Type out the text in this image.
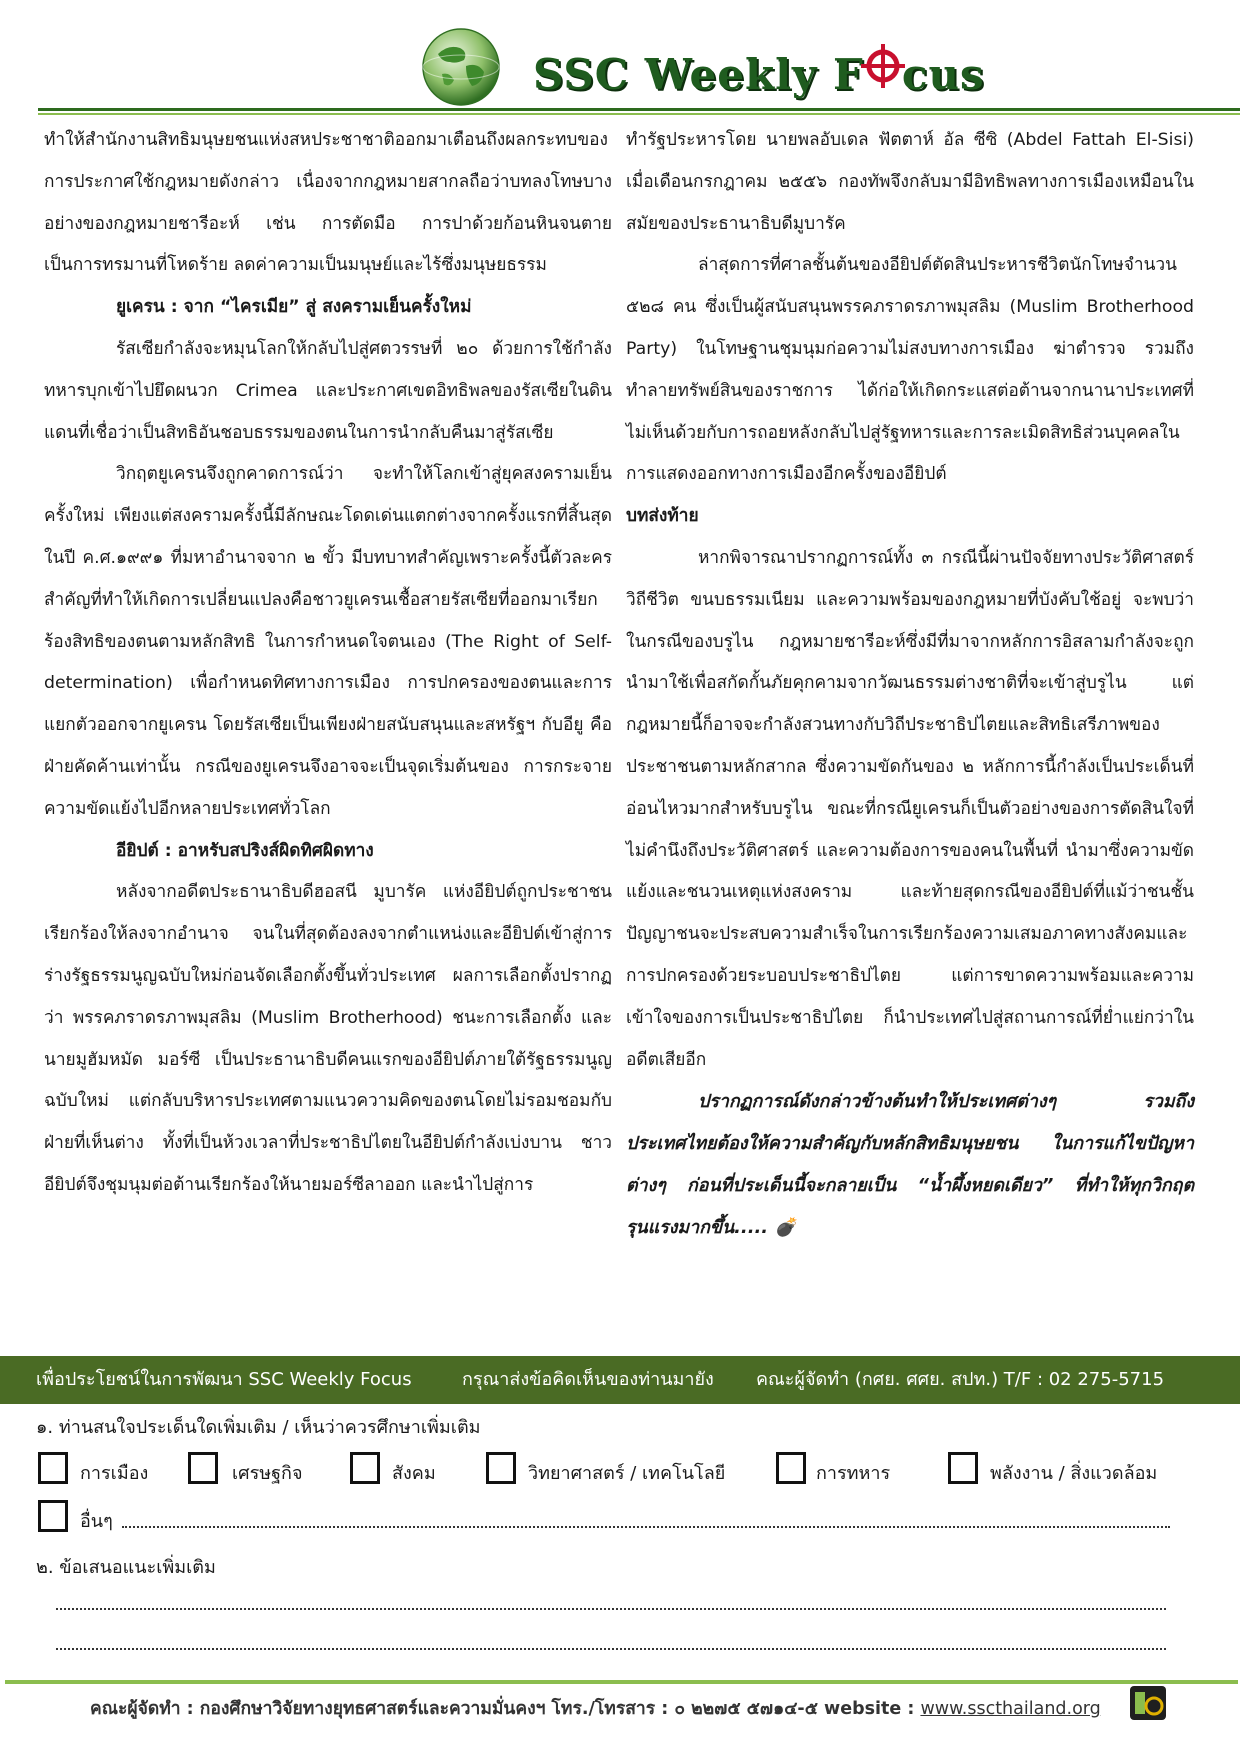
SSC Weekly F cus

ทำให้สำนักงานสิทธิมนุษยชนแห่งสหประชาชาติออกมาเตือนถึงผลกระทบของการประกาศใช้กฎหมายดังกล่าว เนื่องจากกฎหมายสากลถือว่าบทลงโทษบางอย่างของกฎหมายชารีอะห์ เช่น การตัดมือ การปาด้วยก้อนหินจนตาย เป็นการทรมานที่โหดร้าย ลดค่าความเป็นมนุษย์และไร้ซึ่งมนุษยธรรม

ยูเครน : จาก “ไครเมีย” สู่ สงครามเย็นครั้งใหม่

รัสเซียกำลังจะหมุนโลกให้กลับไปสู่ศตวรรษที่ ๒๐ ด้วยการใช้กำลังทหารบุกเข้าไปยึดผนวก Crimea และประกาศเขตอิทธิพลของรัสเซียในดินแดนที่เชื่อว่าเป็นสิทธิอันชอบธรรมของตนในการนำกลับคืนมาสู่รัสเซีย

วิกฤตยูเครนจึงถูกคาดการณ์ว่า จะทำให้โลกเข้าสู่ยุคสงครามเย็นครั้งใหม่ เพียงแต่สงครามครั้งนี้มีลักษณะโดดเด่นแตกต่างจากครั้งแรกที่สิ้นสุดในปี ค.ศ.๑๙๙๑ ที่มหาอำนาจจาก ๒ ขั้ว มีบทบาทสำคัญเพราะครั้งนี้ตัวละครสำคัญที่ทำให้เกิดการเปลี่ยนแปลงคือชาวยูเครนเชื้อสายรัสเซียที่ออกมาเรียกร้องสิทธิของตนตามหลักสิทธิ ในการกำหนดใจตนเอง (The Right of Self-determination) เพื่อกำหนดทิศทางการเมือง การปกครองของตนและการแยกตัวออกจากยูเครน โดยรัสเซียเป็นเพียงฝ่ายสนับสนุนและสหรัฐฯ กับอียู คือ ฝ่ายคัดค้านเท่านั้น กรณีของยูเครนจึงอาจจะเป็นจุดเริ่มต้นของ การกระจายความขัดแย้งไปอีกหลายประเทศทั่วโลก

อียิปต์ : อาหรับสปริงส์ผิดทิศผิดทาง

หลังจากอดีตประธานาธิบดีฮอสนี มูบารัค แห่งอียิปต์ถูกประชาชนเรียกร้องให้ลงจากอำนาจ จนในที่สุดต้องลงจากตำแหน่งและอียิปต์เข้าสู่การร่างรัฐธรรมนูญฉบับใหม่ก่อนจัดเลือกตั้งขึ้นทั่วประเทศ ผลการเลือกตั้งปรากฏว่า พรรคภราดรภาพมุสลิม (Muslim Brotherhood) ชนะการเลือกตั้ง และนายมูฮัมหมัด มอร์ซี เป็นประธานาธิบดีคนแรกของอียิปต์ภายใต้รัฐธรรมนูญฉบับใหม่ แต่กลับบริหารประเทศตามแนวความคิดของตนโดยไม่รอมชอมกับฝ่ายที่เห็นต่าง ทั้งที่เป็นห้วงเวลาที่ประชาธิปไตยในอียิปต์กำลังเบ่งบาน ชาวอียิปต์จึงชุมนุมต่อต้านเรียกร้องให้นายมอร์ซีลาออก และนำไปสู่การ

ทำรัฐประหารโดย นายพลอับเดล ฟัตตาห์ อัล ซีซิ (Abdel Fattah El-Sisi) เมื่อเดือนกรกฎาคม ๒๕๕๖ กองทัพจึงกลับมามีอิทธิพลทางการเมืองเหมือนในสมัยของประธานาธิบดีมูบารัค

ล่าสุดการที่ศาลชั้นต้นของอียิปต์ตัดสินประหารชีวิตนักโทษจำนวน ๕๒๘ คน ซึ่งเป็นผู้สนับสนุนพรรคภราดรภาพมุสลิม (Muslim Brotherhood Party) ในโทษฐานชุมนุมก่อความไม่สงบทางการเมือง ฆ่าตำรวจ รวมถึงทำลายทรัพย์สินของราชการ ได้ก่อให้เกิดกระแสต่อต้านจากนานาประเทศที่ไม่เห็นด้วยกับการถอยหลังกลับไปสู่รัฐทหารและการละเมิดสิทธิส่วนบุคคลในการแสดงออกทางการเมืองอีกครั้งของอียิปต์

บทส่งท้าย

หากพิจารณาปรากฏการณ์ทั้ง ๓ กรณีนี้ผ่านปัจจัยทางประวัติศาสตร์ วิถีชีวิต ขนบธรรมเนียม และความพร้อมของกฎหมายที่บังคับใช้อยู่ จะพบว่าในกรณีของบรูไน กฎหมายชารีอะห์ซึ่งมีที่มาจากหลักการอิสลามกำลังจะถูกนำมาใช้เพื่อสกัดกั้นภัยคุกคามจากวัฒนธรรมต่างชาติที่จะเข้าสู่บรูไน แต่กฎหมายนี้ก็อาจจะกำลังสวนทางกับวิถีประชาธิปไตยและสิทธิเสรีภาพของประชาชนตามหลักสากล ซึ่งความขัดกันของ ๒ หลักการนี้กำลังเป็นประเด็นที่อ่อนไหวมากสำหรับบรูไน ขณะที่กรณียูเครนก็เป็นตัวอย่างของการตัดสินใจที่ไม่คำนึงถึงประวัติศาสตร์ และความต้องการของคนในพื้นที่ นำมาซึ่งความขัดแย้งและชนวนเหตุแห่งสงคราม และท้ายสุดกรณีของอียิปต์ที่แม้ว่าชนชั้นปัญญาชนจะประสบความสำเร็จในการเรียกร้องความเสมอภาคทางสังคมและการปกครองด้วยระบอบประชาธิปไตย แต่การขาดความพร้อมและความเข้าใจของการเป็นประชาธิปไตย ก็นำประเทศไปสู่สถานการณ์ที่ย่ำแย่กว่าในอดีตเสียอีก

ปรากฏการณ์ดังกล่าวข้างต้นทำให้ประเทศต่างๆ รวมถึงประเทศไทยต้องให้ความสำคัญกับหลักสิทธิมนุษยชน ในการแก้ไขปัญหาต่างๆ ก่อนที่ประเด็นนี้จะกลายเป็น “น้ำผึ้งหยดเดียว” ที่ทำให้ทุกวิกฤตรุนแรงมากขึ้น..... 💣

เพื่อประโยชน์ในการพัฒนา SSC Weekly Focus	กรุณาส่งข้อคิดเห็นของท่านมายัง คณะผู้จัดทำ (กศย. ศศย. สปท.) T/F : 02 275-5715
๑. ท่านสนใจประเด็นใดเพิ่มเติม / เห็นว่าควรศึกษาเพิ่มเติม
การเมือง	เศรษฐกิจ	สังคม	วิทยาศาสตร์ / เทคโนโลยี	การทหาร	พลังงาน / สิ่งแวดล้อม
อื่นๆ
๒. ข้อเสนอแนะเพิ่มเติม
คณะผู้จัดทำ : กองศึกษาวิจัยทางยุทธศาสตร์และความมั่นคงฯ โทร./โทรสาร : ๐ ๒๒๗๕ ๕๗๑๔-๕ website : www.sscthailand.org
